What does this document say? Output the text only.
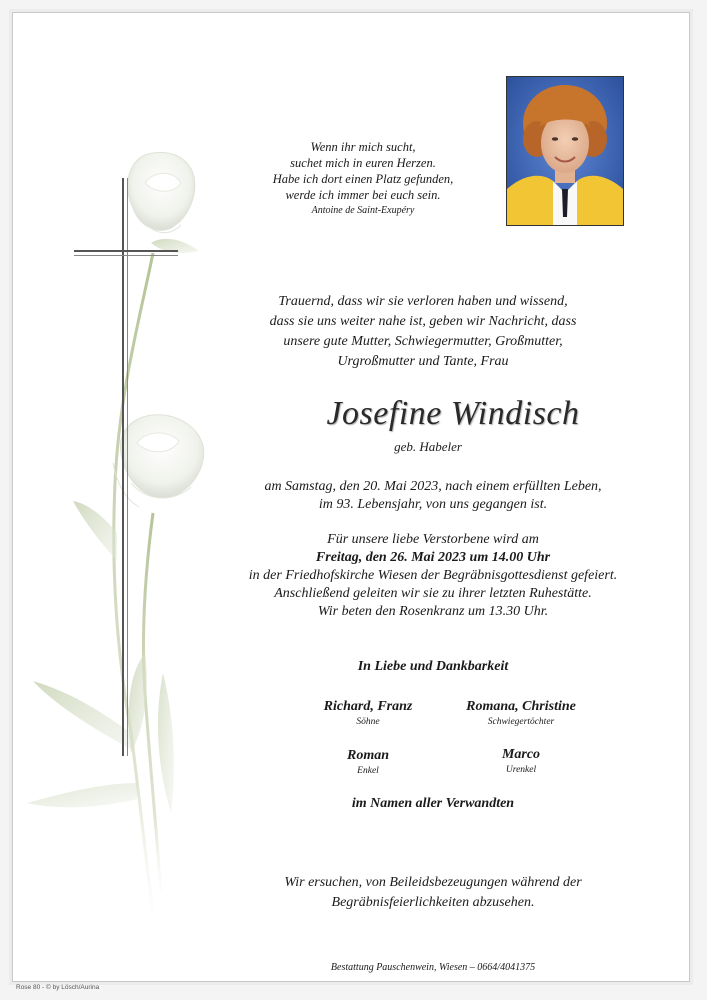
Wenn ihr mich sucht,
suchet mich in euren Herzen.
Habe ich dort einen Platz gefunden,
werde ich immer bei euch sein.
Antoine de Saint-Exupéry
Trauernd, dass wir sie verloren haben und wissend,
dass sie uns weiter nahe ist, geben wir Nachricht, dass
unsere gute Mutter, Schwiegermutter, Großmutter,
Urgroßmutter und Tante, Frau
Josefine Windisch
geb. Habeler
am Samstag, den 20. Mai 2023, nach einem erfüllten Leben,
im 93. Lebensjahr, von uns gegangen ist.
Für unsere liebe Verstorbene wird am
Freitag, den 26. Mai 2023 um 14.00 Uhr
in der Friedhofskirche Wiesen der Begräbnisgottesdienst gefeiert.
Anschließend geleiten wir sie zu ihrer letzten Ruhestätte.
Wir beten den Rosenkranz um 13.30 Uhr.
In Liebe und Dankbarkeit
Richard, Franz
Söhne
Romana, Christine
Schwiegertöchter
Roman
Enkel
Marco
Urenkel
im Namen aller Verwandten
Wir ersuchen, von Beileidsbezeugungen während der
Begräbnisfeierlichkeiten abzusehen.
Bestattung Pauschenwein, Wiesen – 0664/4041375
Rose 80 - © by Lösch/Aurina
